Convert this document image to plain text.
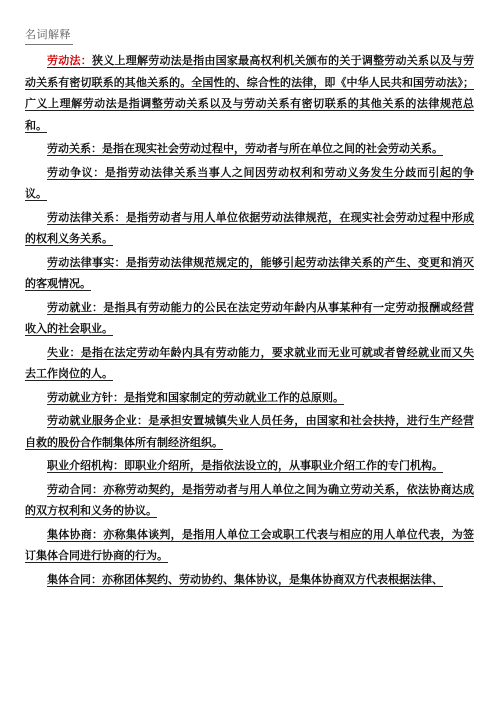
名词解释

劳动法：狭义上理解劳动法是指由国家最高权利机关颁布的关于调整劳动关系以及与劳动关系有密切联系的其他关系的。全国性的、综合性的法律，即《中华人民共和国劳动法》；广义上理解劳动法是指调整劳动关系以及与劳动关系有密切联系的其他关系的法律规范总和。

劳动关系：是指在现实社会劳动过程中，劳动者与所在单位之间的社会劳动关系。

劳动争议：是指劳动法律关系当事人之间因劳动权利和劳动义务发生分歧而引起的争议。

劳动法律关系：是指劳动者与用人单位依据劳动法律规范，在现实社会劳动过程中形成的权利义务关系。

劳动法律事实：是指劳动法律规范规定的，能够引起劳动法律关系的产生、变更和消灭的客观情况。

劳动就业：是指具有劳动能力的公民在法定劳动年龄内从事某种有一定劳动报酬或经营收入的社会职业。

失业：是指在法定劳动年龄内具有劳动能力，要求就业而无业可就或者曾经就业而又失去工作岗位的人。

劳动就业方针：是指党和国家制定的劳动就业工作的总原则。

劳动就业服务企业：是承担安置城镇失业人员任务，由国家和社会扶持，进行生产经营自救的股份合作制集体所有制经济组织。

职业介绍机构：即职业介绍所，是指依法设立的，从事职业介绍工作的专门机构。

劳动合同：亦称劳动契约，是指劳动者与用人单位之间为确立劳动关系，依法协商达成的双方权利和义务的协议。

集体协商：亦称集体谈判，是指用人单位工会或职工代表与相应的用人单位代表，为签订集体合同进行协商的行为。

集体合同：亦称团体契约、劳动协约、集体协议，是集体协商双方代表根据法律、
